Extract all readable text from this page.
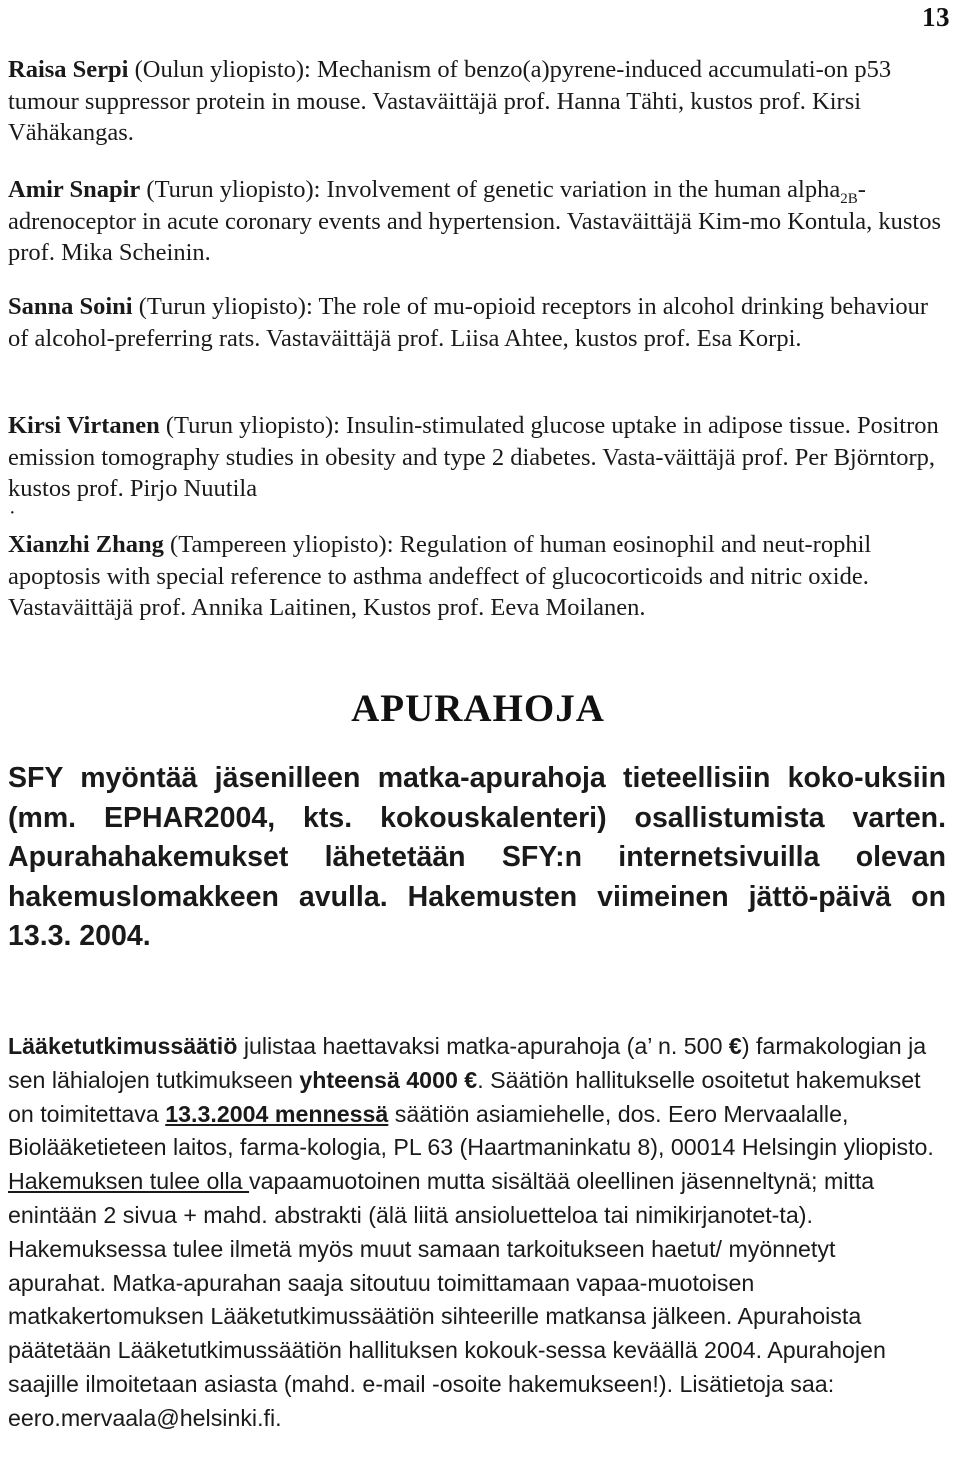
13
Raisa Serpi (Oulun yliopisto): Mechanism of benzo(a)pyrene-induced accumulati-on p53 tumour suppressor protein in mouse. Vastaväittäjä prof. Hanna Tähti, kustos prof. Kirsi Vähäkangas.
Amir Snapir (Turun yliopisto): Involvement of genetic variation in the human alpha$_{2B}$-adrenoceptor in acute coronary events and hypertension. Vastaväittäjä Kim-mo Kontula, kustos prof. Mika Scheinin.
Sanna Soini (Turun yliopisto): The role of mu-opioid receptors in alcohol drinking behaviour of alcohol-preferring rats. Vastaväittäjä prof. Liisa Ahtee, kustos prof. Esa Korpi.
Kirsi Virtanen (Turun yliopisto): Insulin-stimulated glucose uptake in adipose tissue. Positron emission tomography studies in obesity and type 2 diabetes. Vasta-väittäjä prof. Per Björntorp, kustos prof. Pirjo Nuutila
·
Xianzhi Zhang (Tampereen yliopisto): Regulation of human eosinophil and neut-rophil apoptosis with special reference to asthma andeffect of glucocorticoids and nitric oxide. Vastaväittäjä prof. Annika Laitinen, Kustos prof. Eeva Moilanen.
APURAHOJA
SFY myöntää jäsenilleen matka-apurahoja tieteellisiin koko-uksiin (mm. EPHAR2004, kts. kokouskalenteri) osallistumista varten. Apurahahakemukset lähetetään SFY:n internetsivuilla olevan hakemuslomakkeen avulla. Hakemusten viimeinen jättö-päivä on 13.3. 2004.
Lääketutkimussäätiö julistaa haettavaksi matka-apurahoja (a’ n. 500 €) farmakologian ja sen lähialojen tutkimukseen yhteensä 4000 €. Säätiön hallitukselle osoitetut hakemukset on toimitettava 13.3.2004 mennessä säätiön asiamiehelle, dos. Eero Mervaalalle, Biolääketieteen laitos, farma-kologia, PL 63 (Haartmaninkatu 8), 00014 Helsingin yliopisto. Hakemuksen tulee olla vapaamuotoinen mutta sisältää oleellinen jäsenneltynä; mitta enintään 2 sivua + mahd. abstrakti (älä liitä ansioluetteloa tai nimikirjanotet-ta). Hakemuksessa tulee ilmetä myös muut samaan tarkoitukseen haetut/ myönnetyt apurahat. Matka-apurahan saaja sitoutuu toimittamaan vapaa-muotoisen matkakertomuksen Lääketutkimussäätiön sihteerille matkansa jälkeen. Apurahoista päätetään Lääketutkimussäätiön hallituksen kokouk-sessa keväällä 2004. Apurahojen saajille ilmoitetaan asiasta (mahd. e-mail -osoite hakemukseen!). Lisätietoja saa: eero.mervaala@helsinki.fi.
